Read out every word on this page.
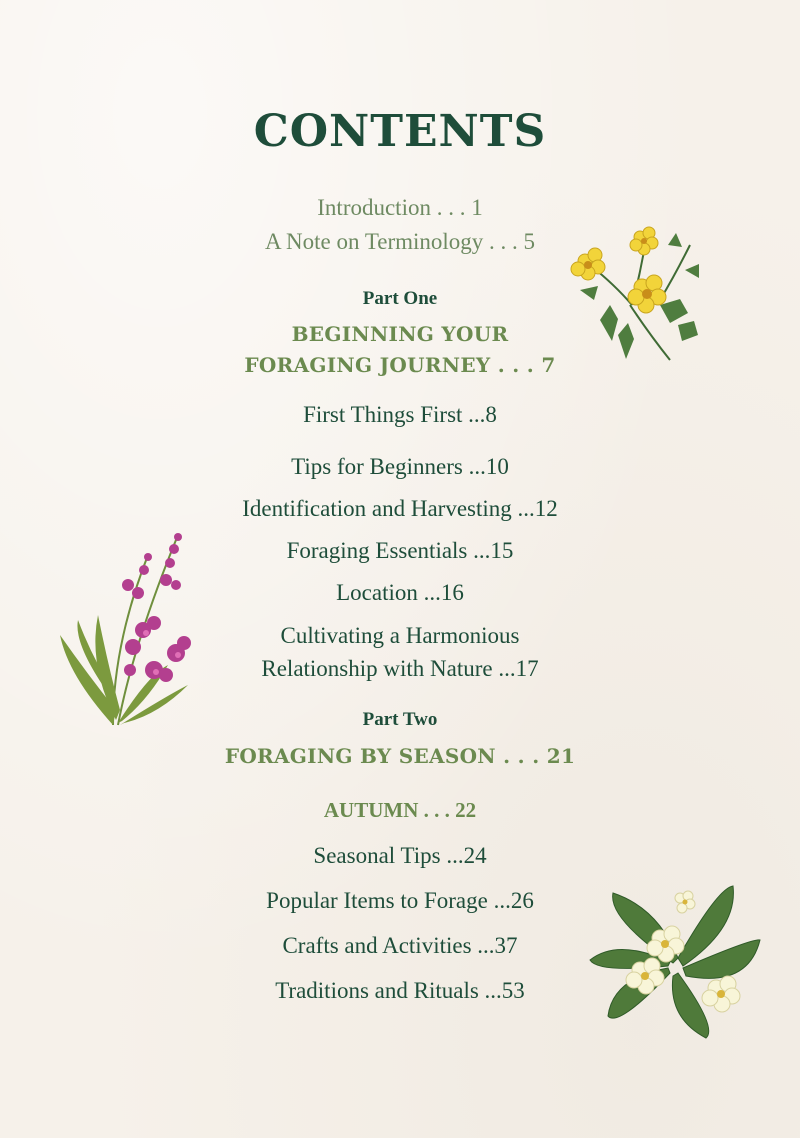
CONTENTS
Introduction . . . 1
A Note on Terminology . . . 5
Part One
BEGINNING YOUR
FORAGING JOURNEY . . . 7
First Things First ...8
Tips for Beginners ...10
Identification and Harvesting ...12
Foraging Essentials ...15
Location ...16
Cultivating a Harmonious
Relationship with Nature ...17
Part Two
FORAGING BY SEASON . . . 21
AUTUMN . . . 22
Seasonal Tips ...24
Popular Items to Forage ...26
Crafts and Activities ...37
Traditions and Rituals ...53
